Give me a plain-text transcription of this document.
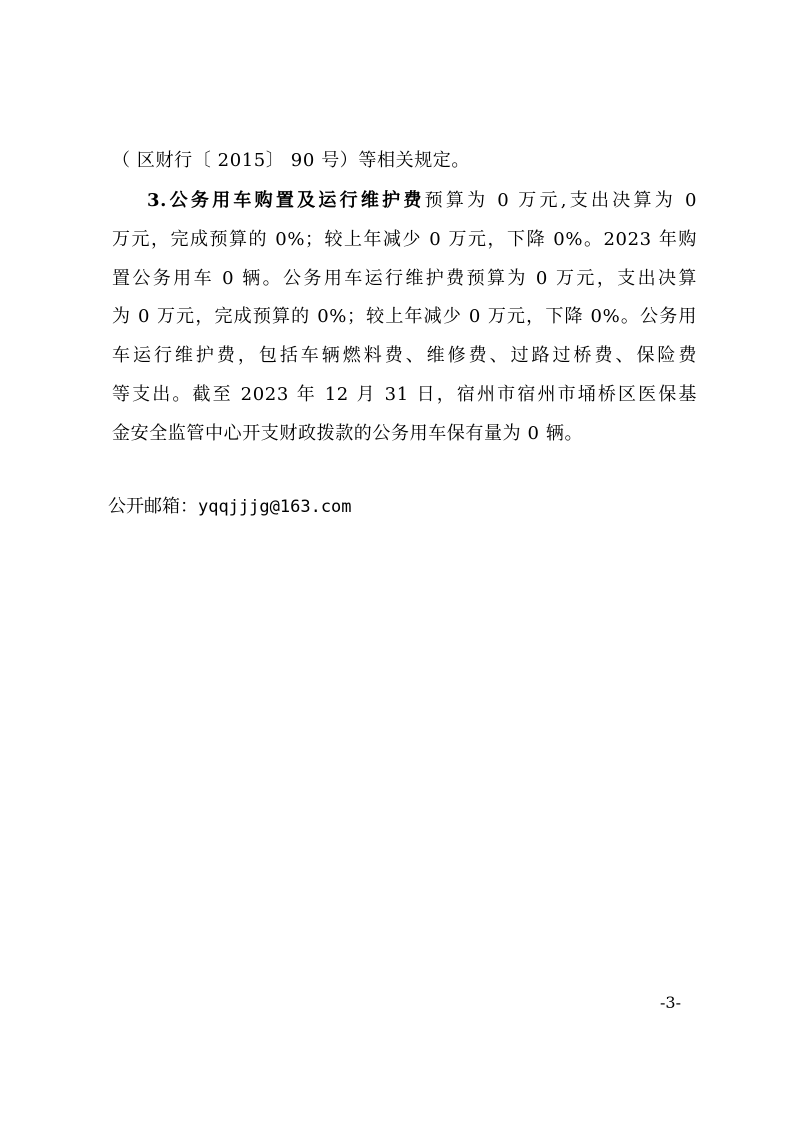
（ 区财行〔 2015〕 90 号）等相关规定。
3.公务用车购置及运行维护费预算为 0 万元,支出决算为 0
万元，完成预算的 0%；较上年减少 0 万元，下降 0%。2023 年购
置公务用车 0 辆。公务用车运行维护费预算为 0 万元，支出决算
为 0 万元，完成预算的 0%；较上年减少 0 万元，下降 0%。公务用
车运行维护费，包括车辆燃料费、维修费、过路过桥费、保险费
等支出。截至 2023 年 12 月 31 日，宿州市宿州市埇桥区医保基
金安全监管中心开支财政拨款的公务用车保有量为 0 辆。
公开邮箱：yqqjjjg@163.com
-3-
